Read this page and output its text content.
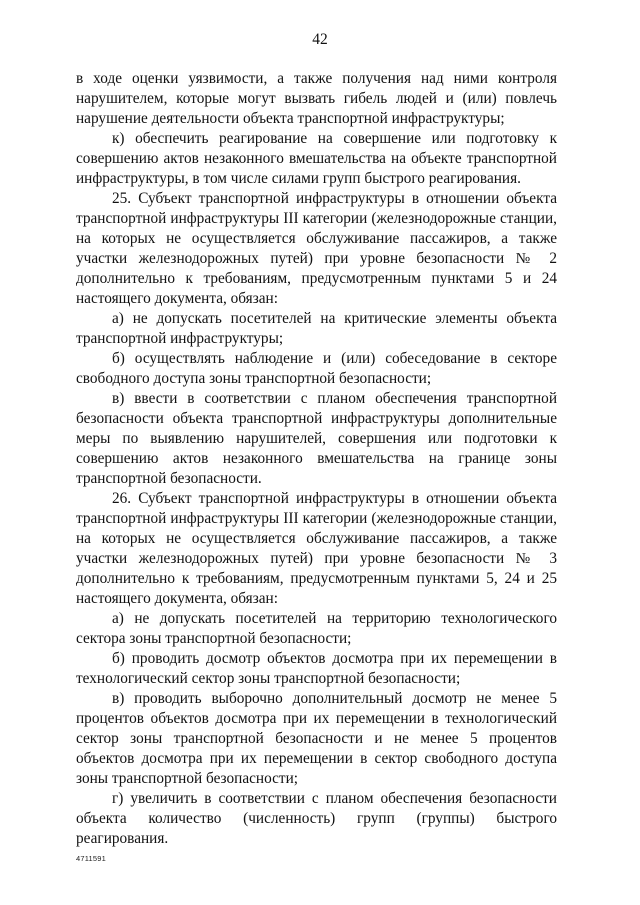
42

в ходе оценки уязвимости, а также получения над ними контроля нарушителем, которые могут вызвать гибель людей и (или) повлечь нарушение деятельности объекта транспортной инфраструктуры;

к) обеспечить реагирование на совершение или подготовку к совершению актов незаконного вмешательства на объекте транспортной инфраструктуры, в том числе силами групп быстрого реагирования.

25. Субъект транспортной инфраструктуры в отношении объекта транспортной инфраструктуры III категории (железнодорожные станции, на которых не осуществляется обслуживание пассажиров, а также участки железнодорожных путей) при уровне безопасности № 2 дополнительно к требованиям, предусмотренным пунктами 5 и 24 настоящего документа, обязан:

а) не допускать посетителей на критические элементы объекта транспортной инфраструктуры;

б) осуществлять наблюдение и (или) собеседование в секторе свободного доступа зоны транспортной безопасности;

в) ввести в соответствии с планом обеспечения транспортной безопасности объекта транспортной инфраструктуры дополнительные меры по выявлению нарушителей, совершения или подготовки к совершению актов незаконного вмешательства на границе зоны транспортной безопасности.

26. Субъект транспортной инфраструктуры в отношении объекта транспортной инфраструктуры III категории (железнодорожные станции, на которых не осуществляется обслуживание пассажиров, а также участки железнодорожных путей) при уровне безопасности № 3 дополнительно к требованиям, предусмотренным пунктами 5, 24 и 25 настоящего документа, обязан:

а) не допускать посетителей на территорию технологического сектора зоны транспортной безопасности;

б) проводить досмотр объектов досмотра при их перемещении в технологический сектор зоны транспортной безопасности;

в) проводить выборочно дополнительный досмотр не менее 5 процентов объектов досмотра при их перемещении в технологический сектор зоны транспортной безопасности и не менее 5 процентов объектов досмотра при их перемещении в сектор свободного доступа зоны транспортной безопасности;

г) увеличить в соответствии с планом обеспечения безопасности объекта количество (численность) групп (группы) быстрого реагирования.

4711591
